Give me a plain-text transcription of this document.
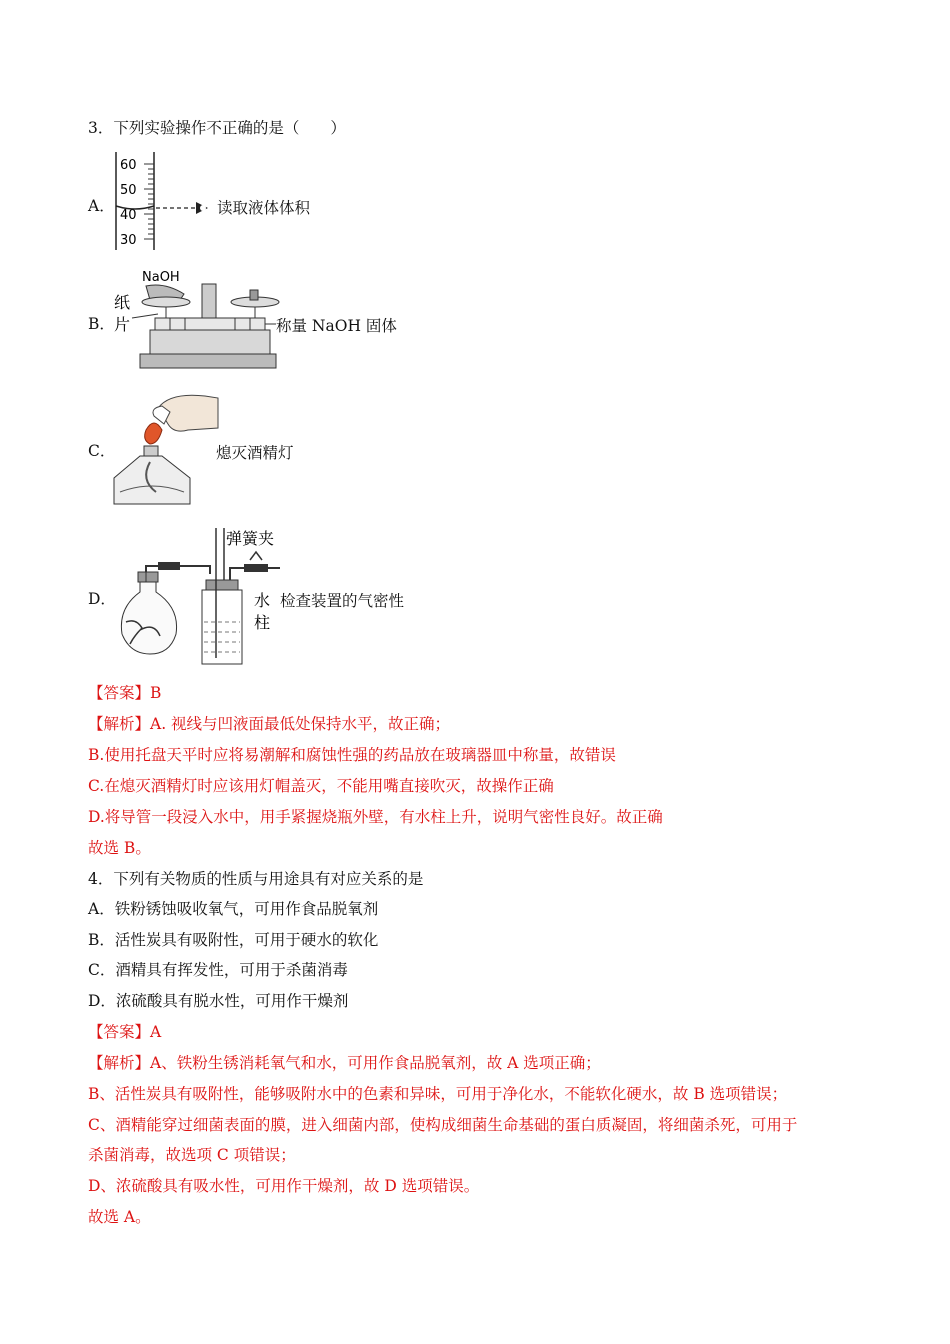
3．下列实验操作不正确的是（　　）
A．
60
50
40
30
读取液体体积
B．
NaOH
纸
片	称量 NaOH 固体
C．	熄灭酒精灯
D．
弹簧夹
水
柱
检查装置的气密性
【答案】B
【解析】A. 视线与凹液面最低处保持水平，故正确；
B.使用托盘天平时应将易潮解和腐蚀性强的药品放在玻璃器皿中称量，故错误
C.在熄灭酒精灯时应该用灯帽盖灭，不能用嘴直接吹灭，故操作正确
D.将导管一段浸入水中，用手紧握烧瓶外壁，有水柱上升，说明气密性良好。故正确
故选 B。
4．下列有关物质的性质与用途具有对应关系的是
A．铁粉锈蚀吸收氧气，可用作食品脱氧剂
B．活性炭具有吸附性，可用于硬水的软化
C．酒精具有挥发性，可用于杀菌消毒
D．浓硫酸具有脱水性，可用作干燥剂
【答案】A
【解析】A、铁粉生锈消耗氧气和水，可用作食品脱氧剂，故 A 选项正确；
B、活性炭具有吸附性，能够吸附水中的色素和异味，可用于净化水，不能软化硬水，故 B 选项错误；
C、酒精能穿过细菌表面的膜，进入细菌内部，使构成细菌生命基础的蛋白质凝固，将细菌杀死，可用于
杀菌消毒，故选项 C 项错误；
D、浓硫酸具有吸水性，可用作干燥剂，故 D 选项错误。
故选 A。
